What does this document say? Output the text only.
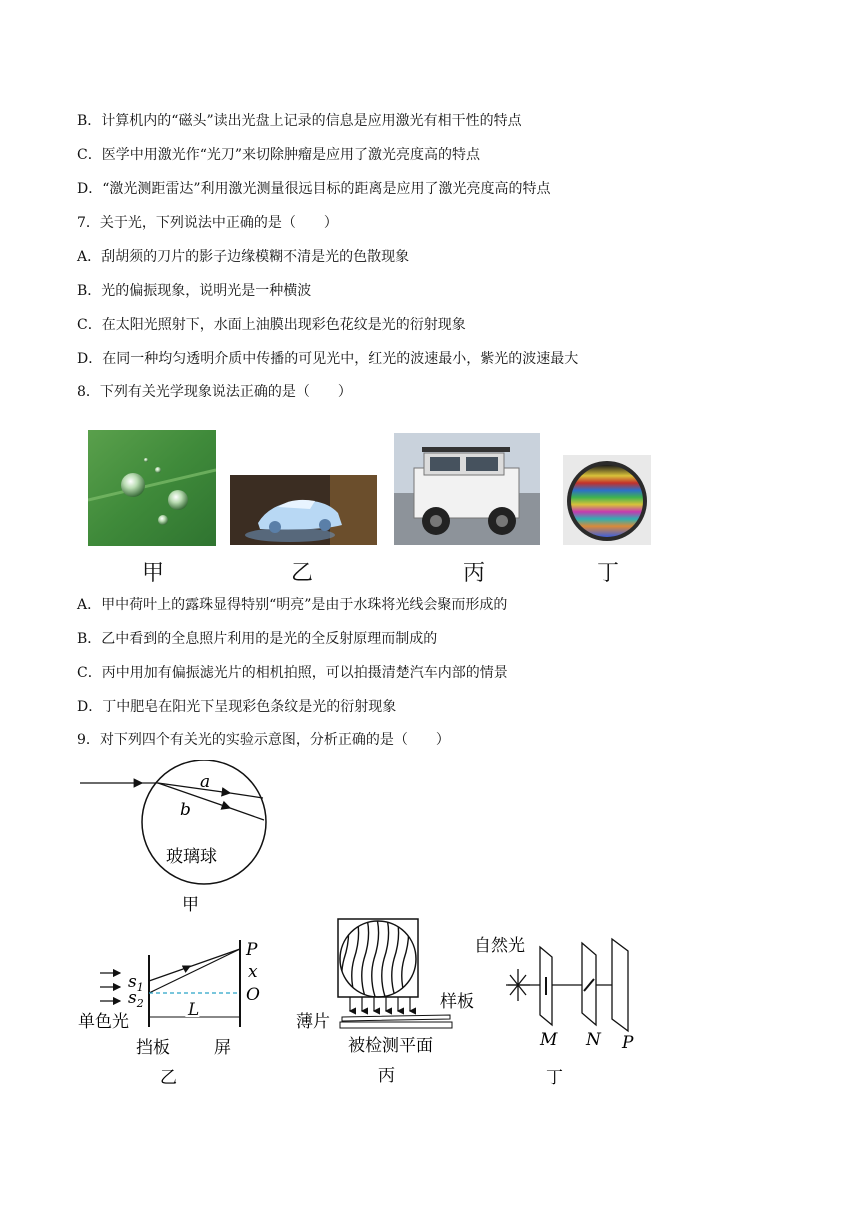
B．计算机内的“磁头”读出光盘上记录的信息是应用激光有相干性的特点
C．医学中用激光作“光刀”来切除肿瘤是应用了激光亮度高的特点
D．“激光测距雷达”利用激光测量很远目标的距离是应用了激光亮度高的特点
7．关于光，下列说法中正确的是（　　）
A．刮胡须的刀片的影子边缘模糊不清是光的色散现象
B．光的偏振现象，说明光是一种横波
C．在太阳光照射下，水面上油膜出现彩色花纹是光的衍射现象
D．在同一种均匀透明介质中传播的可见光中，红光的波速最小，紫光的波速最大
8．下列有关光学现象说法正确的是（　　）
甲	乙	丙	丁
A．甲中荷叶上的露珠显得特别“明亮”是由于水珠将光线会聚而形成的
B．乙中看到的全息照片利用的是光的全反射原理而制成的
C．丙中用加有偏振滤光片的相机拍照，可以拍摄清楚汽车内部的情景
D．丁中肥皂在阳光下呈现彩色条纹是光的衍射现象
9．对下列四个有关光的实验示意图，分析正确的是（　　）
a
b
玻璃球
甲
$s_1$
$s_2$
P
x
O
L
单色光
挡板	屏
乙
样板
薄片
被检测平面
丙
自然光
M N P
丁
